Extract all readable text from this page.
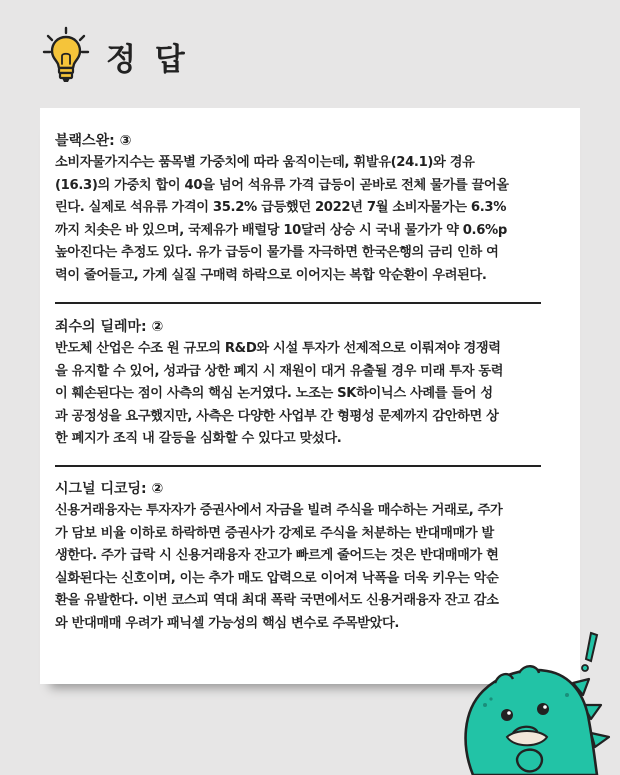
정 답
블랙스완: ③
소비자물가지수는 품목별 가중치에 따라 움직이는데, 휘발유(24.1)와 경유
(16.3)의 가중치 합이 40을 넘어 석유류 가격 급등이 곧바로 전체 물가를 끌어올
린다. 실제로 석유류 가격이 35.2% 급등했던 2022년 7월 소비자물가는 6.3%
까지 치솟은 바 있으며, 국제유가 배럴당 10달러 상승 시 국내 물가가 약 0.6%p
높아진다는 추정도 있다. 유가 급등이 물가를 자극하면 한국은행의 금리 인하 여
력이 줄어들고, 가계 실질 구매력 하락으로 이어지는 복합 악순환이 우려된다.
죄수의 딜레마: ②
반도체 산업은 수조 원 규모의 R&D와 시설 투자가 선제적으로 이뤄져야 경쟁력
을 유지할 수 있어, 성과급 상한 폐지 시 재원이 대거 유출될 경우 미래 투자 동력
이 훼손된다는 점이 사측의 핵심 논거였다. 노조는 SK하이닉스 사례를 들어 성
과 공정성을 요구했지만, 사측은 다양한 사업부 간 형평성 문제까지 감안하면 상
한 폐지가 조직 내 갈등을 심화할 수 있다고 맞섰다.
시그널 디코딩: ②
신용거래융자는 투자자가 증권사에서 자금을 빌려 주식을 매수하는 거래로, 주가
가 담보 비율 이하로 하락하면 증권사가 강제로 주식을 처분하는 반대매매가 발
생한다. 주가 급락 시 신용거래융자 잔고가 빠르게 줄어드는 것은 반대매매가 현
실화된다는 신호이며, 이는 추가 매도 압력으로 이어져 낙폭을 더욱 키우는 악순
환을 유발한다. 이번 코스피 역대 최대 폭락 국면에서도 신용거래융자 잔고 감소
와 반대매매 우려가 패닉셀 가능성의 핵심 변수로 주목받았다.
